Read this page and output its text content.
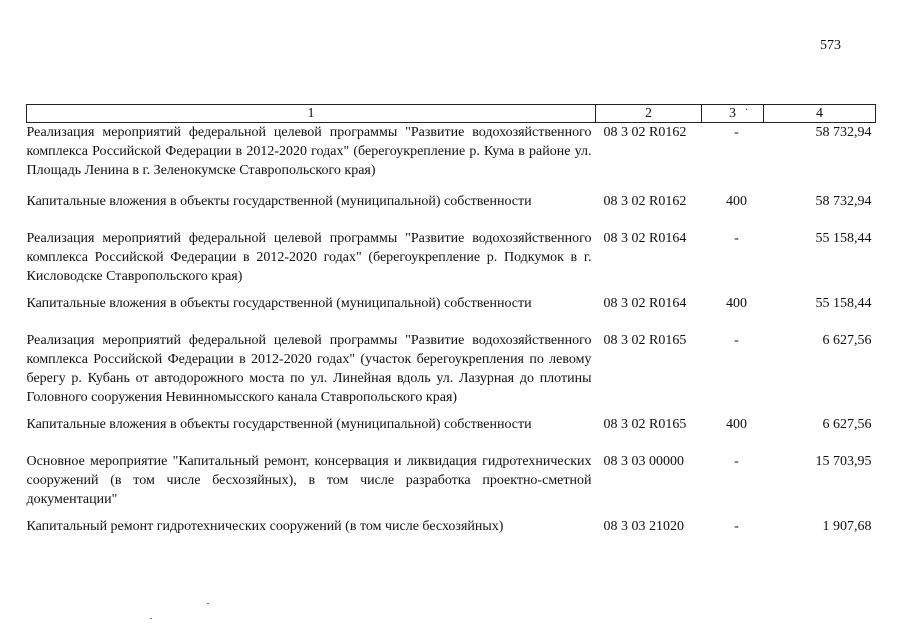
573
·
1	2	3	4
Реализация мероприятий федеральной целевой программы "Развитие водохозяйственного комплекса Российской Федерации в 2012-2020 годах" (берегоукрепление р. Кума в районе ул. Площадь Ленина в г. Зеленокумске Ставропольского края)	08 3 02 R0162	-	58 732,94

Капитальные вложения в объекты государственной (муниципальной) собственности	08 3 02 R0162	400	58 732,94

Реализация мероприятий федеральной целевой программы "Развитие водохозяйственного комплекса Российской Федерации в 2012-2020 годах" (берегоукрепление р. Подкумок в г. Кисловодске Ставропольского края)	08 3 02 R0164	-	55 158,44

Капитальные вложения в объекты государственной (муниципальной) собственности	08 3 02 R0164	400	55 158,44

Реализация мероприятий федеральной целевой программы "Развитие водохозяйственного комплекса Российской Федерации в 2012-2020 годах" (участок берегоукрепления по левому берегу р. Кубань от автодорожного моста по ул. Линейная вдоль ул. Лазурная до плотины Головного сооружения Невинномысского канала Ставропольского края)	08 3 02 R0165	-	6 627,56

Капитальные вложения в объекты государственной (муниципальной) собственности	08 3 02 R0165	400	6 627,56

Основное мероприятие "Капитальный ремонт, консервация и ликвидация гидротехнических сооружений (в том числе бесхозяйных), в том числе разработка проектно-сметной документации"	08 3 03 00000	-	15 703,95

Капитальный ремонт гидротехнических сооружений (в том числе бесхозяйных)	08 3 03 21020	-	1 907,68
